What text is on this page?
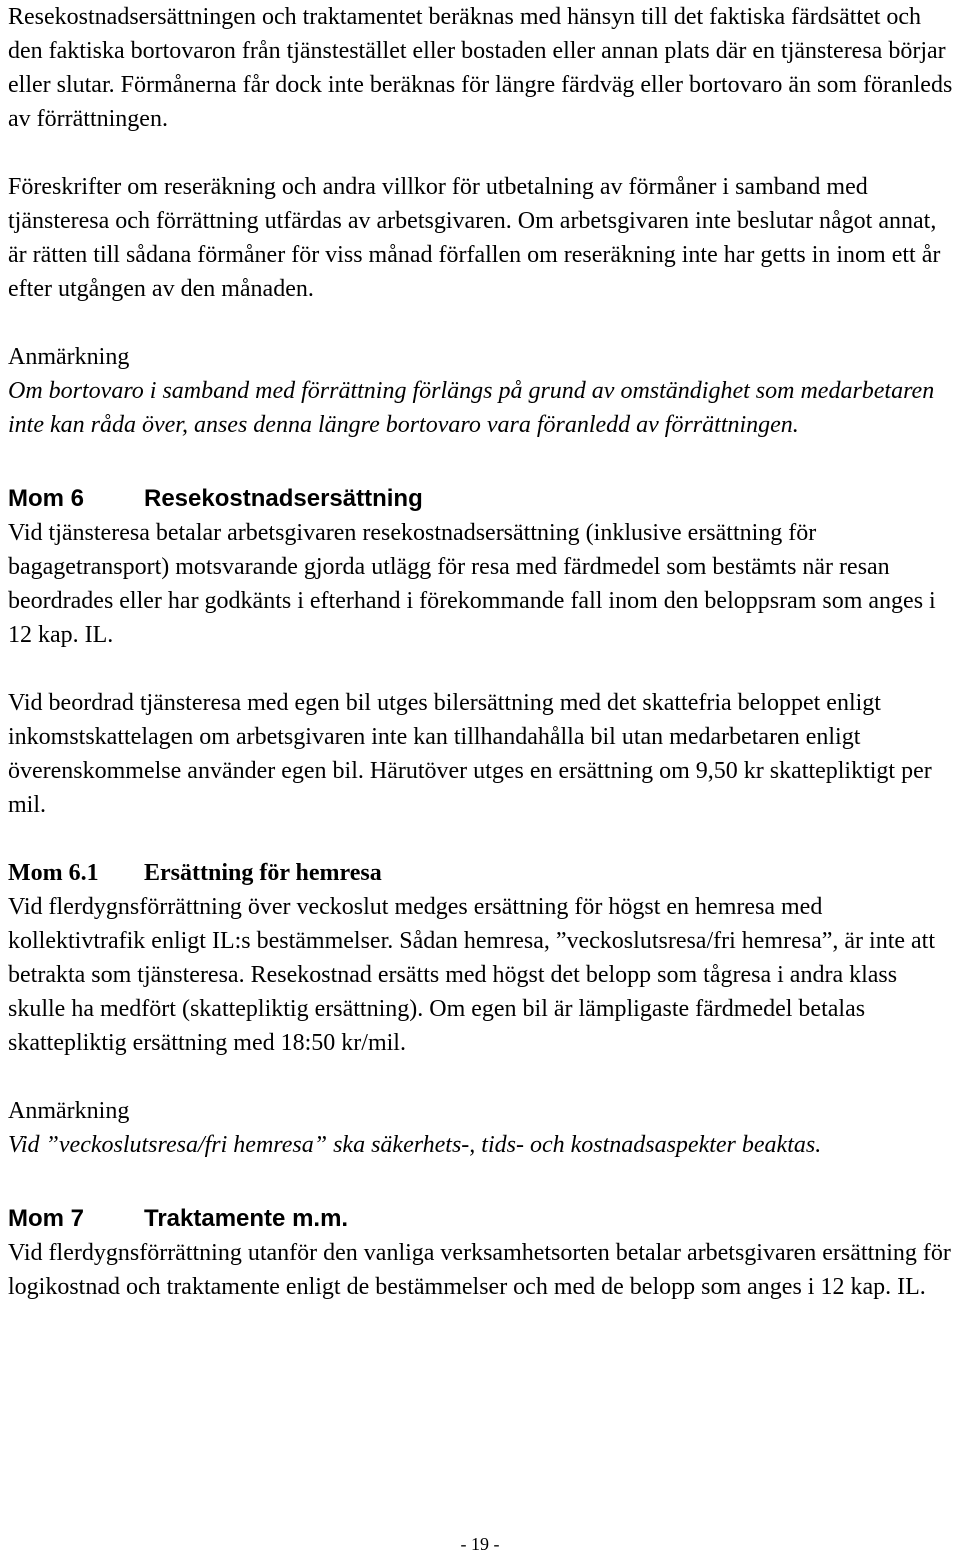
Resekostnadsersättningen och traktamentet beräknas med hänsyn till det faktiska färdsättet och den faktiska bortovaron från tjänstestället eller bostaden eller annan plats där en tjänsteresa börjar eller slutar. Förmånerna får dock inte beräknas för längre färdväg eller bortovaro än som föranleds av förrättningen.

Föreskrifter om reseräkning och andra villkor för utbetalning av förmåner i samband med tjänsteresa och förrättning utfärdas av arbetsgivaren. Om arbetsgivaren inte beslutar något annat, är rätten till sådana förmåner för viss månad förfallen om reseräkning inte har getts in inom ett år efter utgången av den månaden.

Anmärkning

Om bortovaro i samband med förrättning förlängs på grund av omständighet som medarbetaren inte kan råda över, anses denna längre bortovaro vara föranledd av förrättningen.

Mom 6	Resekostnadsersättning

Vid tjänsteresa betalar arbetsgivaren resekostnadsersättning (inklusive ersättning för bagagetransport) motsvarande gjorda utlägg för resa med färdmedel som bestämts när resan beordrades eller har godkänts i efterhand i förekommande fall inom den beloppsram som anges i 12 kap. IL.

Vid beordrad tjänsteresa med egen bil utges bilersättning med det skattefria beloppet enligt inkomstskattelagen om arbetsgivaren inte kan tillhandahålla bil utan medarbetaren enligt överenskommelse använder egen bil. Härutöver utges en ersättning om 9,50 kr skattepliktigt per mil.

Mom 6.1	Ersättning för hemresa

Vid flerdygnsförrättning över veckoslut medges ersättning för högst en hemresa med kollektivtrafik enligt IL:s bestämmelser. Sådan hemresa, ”veckoslutsresa/fri hemresa”, är inte att betrakta som tjänsteresa. Resekostnad ersätts med högst det belopp som tågresa i andra klass skulle ha medfört (skattepliktig ersättning). Om egen bil är lämpligaste färdmedel betalas skattepliktig ersättning med 18:50 kr/mil.

Anmärkning

Vid ”veckoslutsresa/fri hemresa” ska säkerhets-, tids- och kostnadsaspekter beaktas.

Mom 7	Traktamente m.m.

Vid flerdygnsförrättning utanför den vanliga verksamhetsorten betalar arbetsgivaren ersättning för logikostnad och traktamente enligt de bestämmelser och med de belopp som anges i 12 kap. IL.

- 19 -
